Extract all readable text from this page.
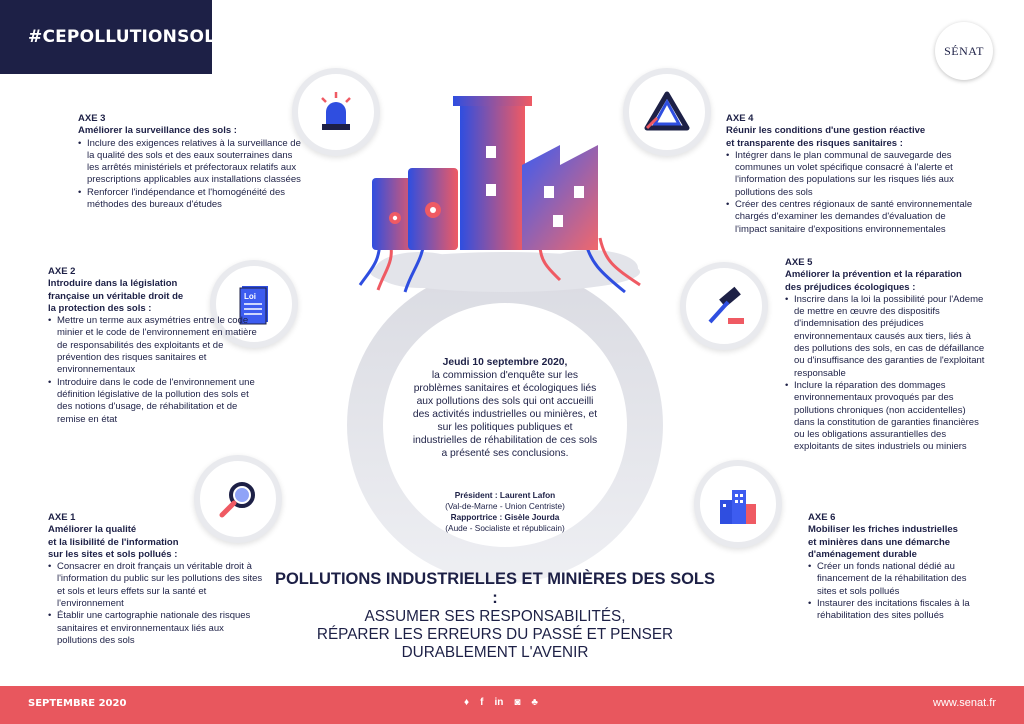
#CEPOLLUTIONSOLS
SÉNAT
Loi
AXE 3
Améliorer la surveillance des sols :
• Inclure des exigences relatives à la surveillance de la qualité des sols et des eaux souterraines dans les arrêtés ministériels et préfectoraux relatifs aux prescriptions applicables aux installations classées
• Renforcer l'indépendance et l'homogénéité des méthodes des bureaux d'études
AXE 4
Réunir les conditions d'une gestion réactive
et transparente des risques sanitaires :
• Intégrer dans le plan communal de sauvegarde des communes un volet spécifique consacré à l'alerte et l'information des populations sur les risques liés aux pollutions des sols
• Créer des centres régionaux de santé environnementale chargés d'examiner les demandes d'évaluation de l'impact sanitaire d'expositions environnementales
AXE 2
Introduire dans la législation
française un véritable droit de
la protection des sols :
• Mettre un terme aux asymétries entre le code minier et le code de l'environnement en matière de responsabilités des exploitants et de prévention des risques sanitaires et environnementaux
• Introduire dans le code de l'environnement une définition législative de la pollution des sols et des notions d'usage, de réhabilitation et de remise en état
AXE 5
Améliorer la prévention et la réparation
des préjudices écologiques :
• Inscrire dans la loi la possibilité pour l'Ademe de mettre en œuvre des dispositifs d'indemnisation des préjudices environnementaux causés aux tiers, liés à des pollutions des sols, en cas de défaillance ou d'insuffisance des garanties de l'exploitant responsable
• Inclure la réparation des dommages environnementaux provoqués par des pollutions chroniques (non accidentelles) dans la constitution de garanties financières ou les obligations assurantielles des exploitants de sites industriels ou miniers
AXE 1
Améliorer la qualité
et la lisibilité de l'information
sur les sites et sols pollués :
• Consacrer en droit français un véritable droit à l'information du public sur les pollutions des sites et sols et leurs effets sur la santé et l'environnement
• Établir une cartographie nationale des risques sanitaires et environnementaux liés aux pollutions des sols
AXE 6
Mobiliser les friches industrielles
et minières dans une démarche
d'aménagement durable
• Créer un fonds national dédié au financement de la réhabilitation des sites et sols pollués
• Instaurer des incitations fiscales à la réhabilitation des sites pollués
Jeudi 10 septembre 2020,
la commission d'enquête sur les problèmes sanitaires et écologiques liés aux pollutions des sols qui ont accueilli des activités industrielles ou minières, et sur les politiques publiques et industrielles de réhabilitation de ces sols a présenté ses conclusions.
Président : Laurent Lafon
(Val-de-Marne - Union Centriste)
Rapportrice : Gisèle Jourda
(Aude - Socialiste et républicain)
POLLUTIONS INDUSTRIELLES ET MINIÈRES DES SOLS :
ASSUMER SES RESPONSABILITÉS,
RÉPARER LES ERREURS DU PASSÉ ET PENSER
DURABLEMENT L'AVENIR
SEPTEMBRE 2020	♦ f in ◙ ♣	www.senat.fr
